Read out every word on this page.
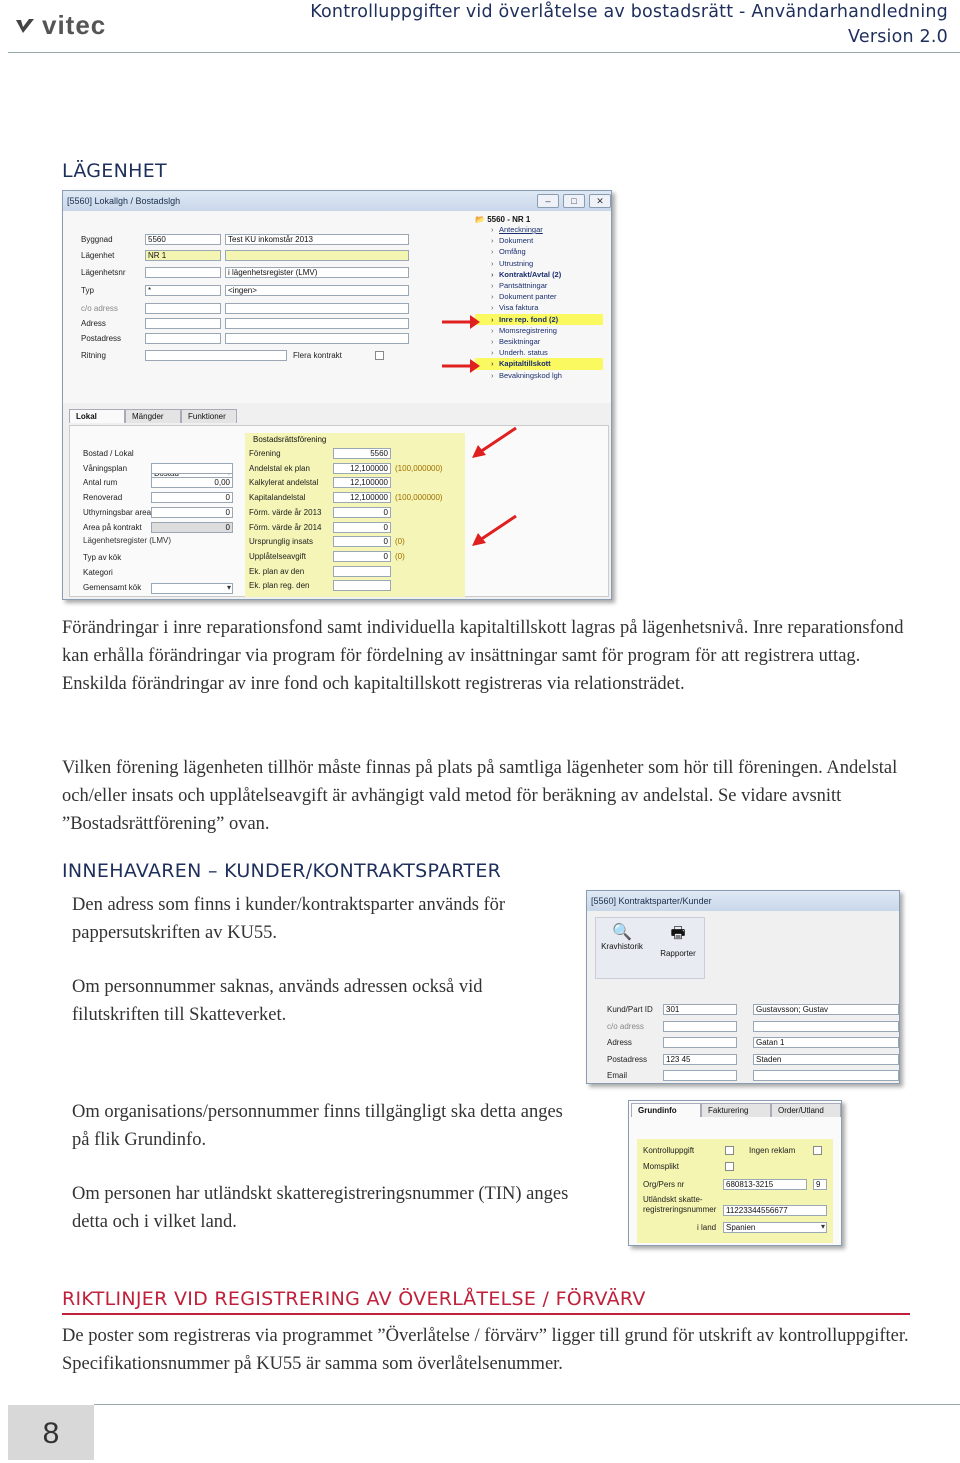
vitec	Kontrolluppgifter vid överlåtelse av bostadsrätt - Användarhandledning
Version 2.0
LÄGENHET
[5560] Lokallgh / Bostadslgh	–	□	✕
📂 5560 - NR 1
› Anteckningar
› Dokument
› Omfång
› Utrustning
› Kontrakt/Avtal (2)
› Pantsättningar
› Dokument panter
› Visa faktura
› Inre rep. fond (2)
› Momsregistrering
› Besiktningar
› Underh. status
› Kapitaltillskott
› Bevakningskod lgh
Lokal	Mängder	Funktioner
Lägenhetsregister (LMV)
Bostadsrättsförening
Byggnad	5560	Test KU inkomstår 2013
Lägenhet	NR 1
Lägenhetsnr	i lägenhetsregister (LMV)
Typ	*	<ingen>
c/o adress
Adress
Postadress
Ritning	Flera kontrakt
Bostad / Lokal
▾
Våningsplan
Antal rum	0,00
Renoverad	0
Uthyrningsbar area	0
Area på kontrakt	0
Typ av kök
▾
Kategori
Gemensamt kök
Förening	5560
Andelstal ek plan	12,100000 (100,000000)
Kalkylerat andelstal	12,100000
Kapitalandelstal	12,100000 (100,000000)
Förm. värde år 2013	0
Förm. värde år 2014	0
Ursprunglig insats	0 (0)
Upplåtelseavgift	0 (0)
Ek. plan av den
Ek. plan reg. den

Förändringar i inre reparationsfond samt individuella kapitaltillskott lagras på lägenhetsnivå. Inre reparationsfond kan erhålla förändringar via program för fördelning av insättningar samt för program för att registrera uttag. Enskilda förändringar av inre fond och kapitaltillskott registreras via relationsträdet.

Vilken förening lägenheten tillhör måste finnas på plats på samtliga lägenheter som hör till föreningen. Andelstal och/eller insats och upplåtelseavgift är avhängigt vald metod för beräkning av andelstal. Se vidare avsnitt ”Bostadsrättförening” ovan.

INNEHAVAREN – KUNDER/KONTRAKTSPARTER

Den adress som finns i kunder/kontraktsparter används för pappersutskriften av KU55.

Om personnummer saknas, används adressen också vid filutskriften till Skatteverket.

Om organisations/personnummer finns tillgängligt ska detta anges på flik Grundinfo.

Om personen har utländskt skatteregistreringsnummer (TIN) anges detta och i vilket land.

[5560] Kontraktsparter/Kunder
🔍
Kravhistorik
🖶
Rapporter
Kund/Part ID	301	Gustavsson; Gustav
c/o adress
Adress	Gatan 1
Postadress	123 45	Staden
Email
Grundinfo	Fakturering	Order/Utland
Kontrolluppgift	Ingen reklam
Momsplikt
Org/Pers nr	680813-3215	9
Utländskt skatte-
registreringsnummer	11223344556677
i land	Spanien ▾
RIKTLINJER VID REGISTRERING AV ÖVERLÅTELSE / FÖRVÄRV

De poster som registreras via programmet ”Överlåtelse / förvärv” ligger till grund för utskrift av kontrolluppgifter. Specifikationsnummer på KU55 är samma som överlåtelsenummer.

8
